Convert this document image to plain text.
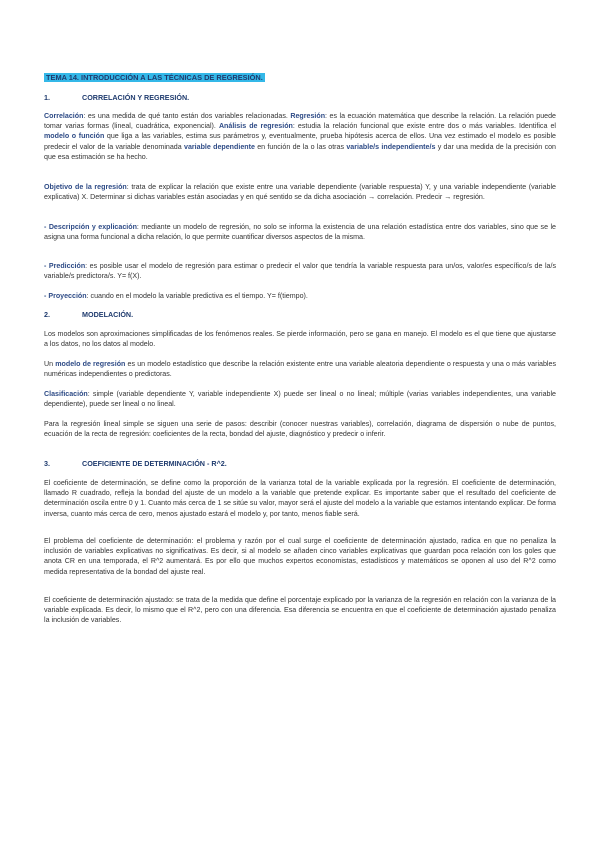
TEMA 14. INTRODUCCIÓN A LAS TÉCNICAS DE REGRESIÓN.
1.	CORRELACIÓN Y REGRESIÓN.
Correlación: es una medida de qué tanto están dos variables relacionadas. Regresión: es la ecuación matemática que describe la relación. La relación puede tomar varias formas (lineal, cuadrática, exponencial). Análisis de regresión: estudia la relación funcional que existe entre dos o más variables. Identifica el modelo o función que liga a las variables, estima sus parámetros y, eventualmente, prueba hipótesis acerca de ellos. Una vez estimado el modelo es posible predecir el valor de la variable denominada variable dependiente en función de la o las otras variable/s independiente/s y dar una medida de la precisión con que esa estimación se ha hecho.
Objetivo de la regresión: trata de explicar la relación que existe entre una variable dependiente (variable respuesta) Y, y una variable independiente (variable explicativa) X. Determinar si dichas variables están asociadas y en qué sentido se da dicha asociación → correlación. Predecir → regresión.
- Descripción y explicación: mediante un modelo de regresión, no solo se informa la existencia de una relación estadística entre dos variables, sino que se le asigna una forma funcional a dicha relación, lo que permite cuantificar diversos aspectos de la misma.
- Predicción: es posible usar el modelo de regresión para estimar o predecir el valor que tendría la variable respuesta para un/os, valor/es específico/s de la/s variable/s predictora/s. Y= f(X).
- Proyección: cuando en el modelo la variable predictiva es el tiempo. Y= f(tiempo).
2.	MODELACIÓN.
Los modelos son aproximaciones simplificadas de los fenómenos reales. Se pierde información, pero se gana en manejo. El modelo es el que tiene que ajustarse a los datos, no los datos al modelo.
Un modelo de regresión es un modelo estadístico que describe la relación existente entre una variable aleatoria dependiente o respuesta y una o más variables numéricas independientes o predictoras.
Clasificación: simple (variable dependiente Y, variable independiente X) puede ser lineal o no lineal; múltiple (varias variables independientes, una variable dependiente), puede ser lineal o no lineal.
Para la regresión lineal simple se siguen una serie de pasos: describir (conocer nuestras variables), correlación, diagrama de dispersión o nube de puntos, ecuación de la recta de regresión: coeficientes de la recta, bondad del ajuste, diagnóstico y predecir o inferir.
3.	COEFICIENTE DE DETERMINACIÓN - R^2.
El coeficiente de determinación, se define como la proporción de la varianza total de la variable explicada por la regresión. El coeficiente de determinación, llamado R cuadrado, refleja la bondad del ajuste de un modelo a la variable que pretende explicar. Es importante saber que el resultado del coeficiente de determinación oscila entre 0 y 1. Cuanto más cerca de 1 se sitúe su valor, mayor será el ajuste del modelo a la variable que estamos intentando explicar. De forma inversa, cuanto más cerca de cero, menos ajustado estará el modelo y, por tanto, menos fiable será.
El problema del coeficiente de determinación: el problema y razón por el cual surge el coeficiente de determinación ajustado, radica en que no penaliza la inclusión de variables explicativas no significativas. Es decir, si al modelo se añaden cinco variables explicativas que guardan poca relación con los goles que anota CR en una temporada, el R^2 aumentará. Es por ello que muchos expertos economistas, estadísticos y matemáticos se oponen al uso del R^2 como medida representativa de la bondad del ajuste real.
El coeficiente de determinación ajustado: se trata de la medida que define el porcentaje explicado por la varianza de la regresión en relación con la varianza de la variable explicada. Es decir, lo mismo que el R^2, pero con una diferencia. Esa diferencia se encuentra en que el coeficiente de determinación ajustado penaliza la inclusión de variables.
